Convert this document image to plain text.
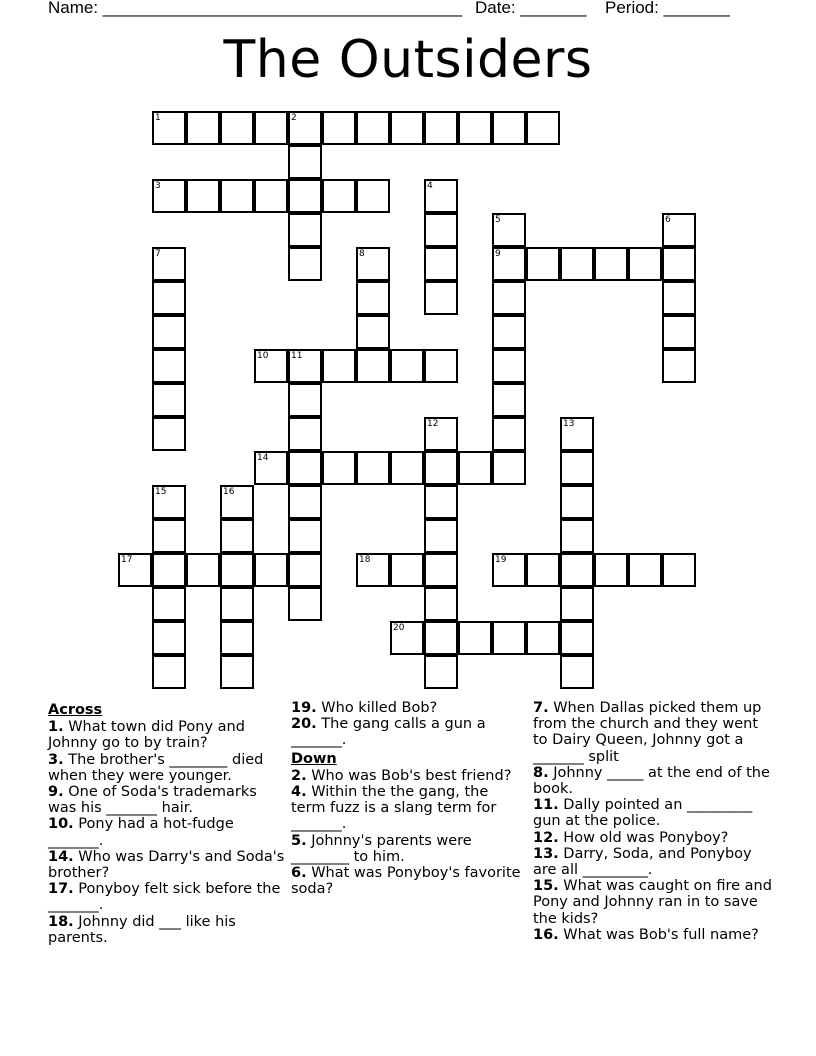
Name: ______________________________________ Date: _______ Period: _______
The Outsiders
1	2
3	4
5
9
6
7	8
10	11
12	13
14
15	16
17	18	19
20
Across
1. What town did Pony and Johnny go to by train?
3. The brother's ________ died when they were younger.
9. One of Soda's trademarks was his _______ hair.
10. Pony had a hot-fudge _______.
14. Who was Darry's and Soda's brother?
17. Ponyboy felt sick before the _______.
18. Johnny did ___ like his parents.
19. Who killed Bob?
20. The gang calls a gun a _______.
Down
2. Who was Bob's best friend?
4. Within the the gang, the term fuzz is a slang term for _______.
5. Johnny's parents were ________ to him.
6. What was Ponyboy's favorite soda?
7. When Dallas picked them up from the church and they went to Dairy Queen, Johnny got a _______ split
8. Johnny _____ at the end of the book.
11. Dally pointed an _________ gun at the police.
12. How old was Ponyboy?
13. Darry, Soda, and Ponyboy are all _________.
15. What was caught on fire and Pony and Johnny ran in to save the kids?
16. What was Bob's full name?
